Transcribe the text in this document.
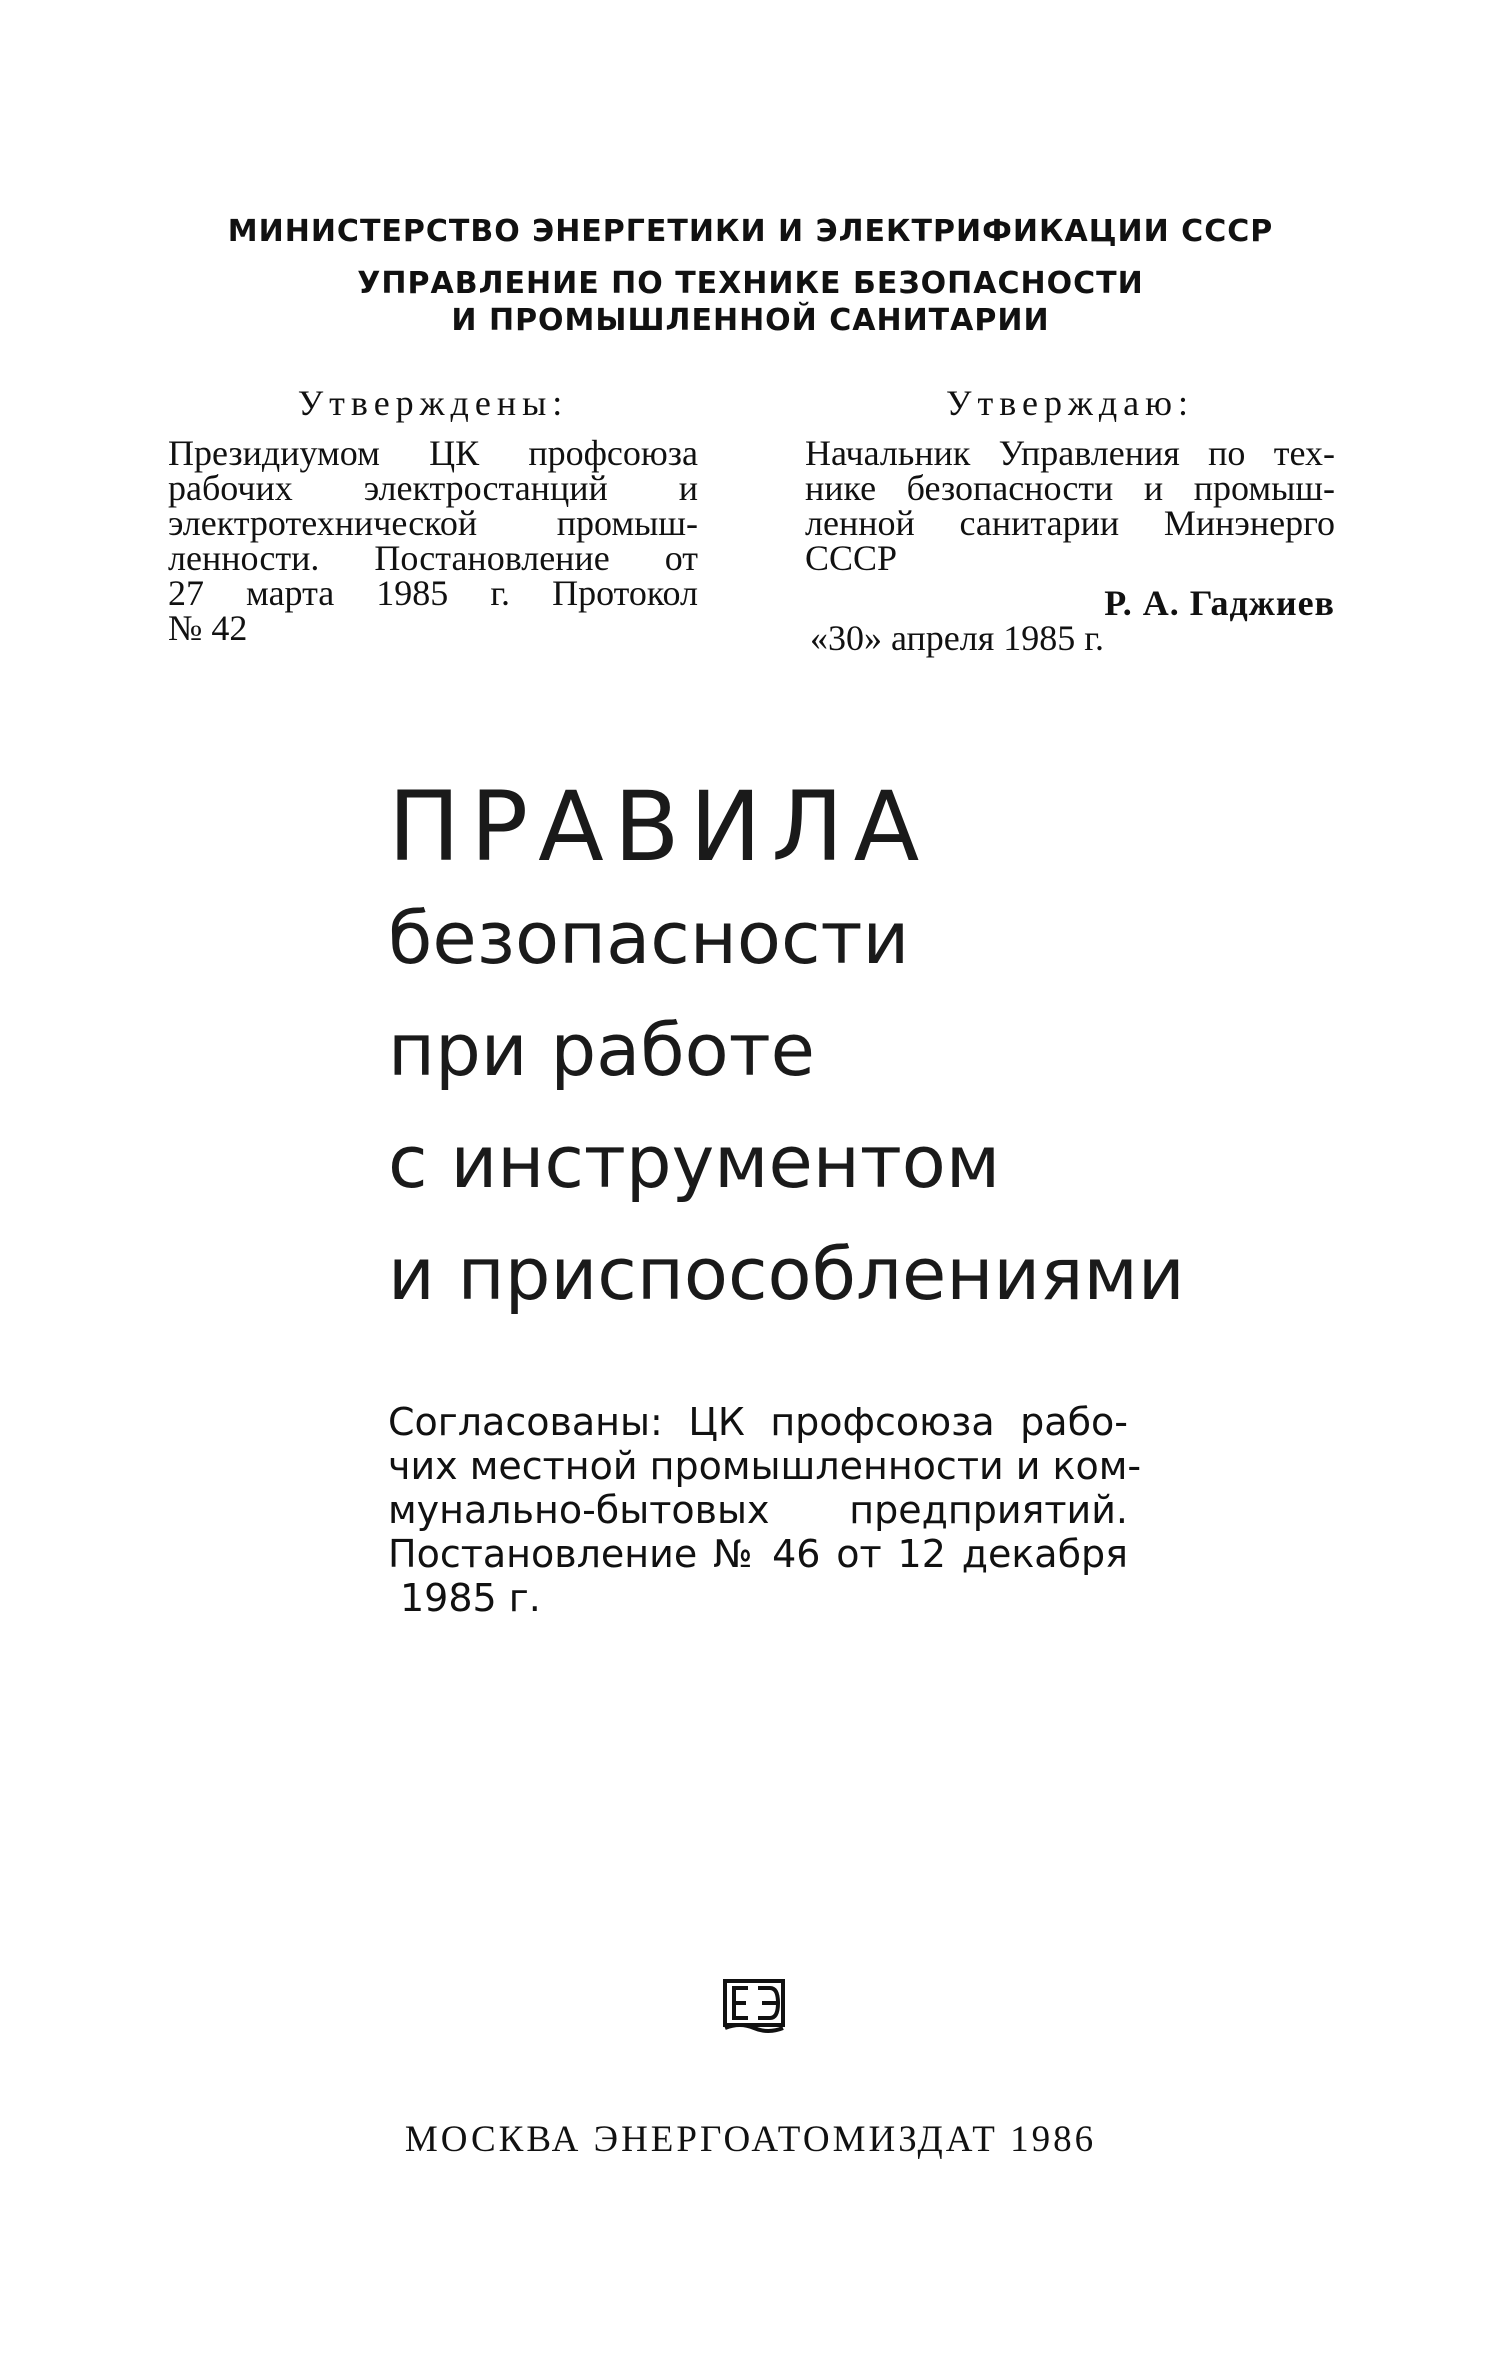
МИНИСТЕРСТВО ЭНЕРГЕТИКИ И ЭЛЕКТРИФИКАЦИИ СССР
УПРАВЛЕНИЕ ПО ТЕХНИКЕ БЕЗОПАСНОСТИ
И ПРОМЫШЛЕННОЙ САНИТАРИИ
Утверждены:
Президиумом ЦК профсоюза
рабочих электростанций и
электротехнической промыш-
ленности. Постановление от
27 марта 1985 г. Протокол
№ 42
Утверждаю:
Начальник Управления по тех-
нике безопасности и промыш-
ленной санитарии Минэнерго
СССР
Р. А. Гаджиев
«30» апреля 1985 г.
ПРАВИЛА
безопасности
при работе
с инструментом
и приспособлениями
Согласованы: ЦК профсоюза рабо-
чих местной промышленности и ком-
мунально-бытовых предприятий.
Постановление № 46 от 12 декабря
1985 г.
МОСКВА ЭНЕРГОАТОМИЗДАТ 1986
